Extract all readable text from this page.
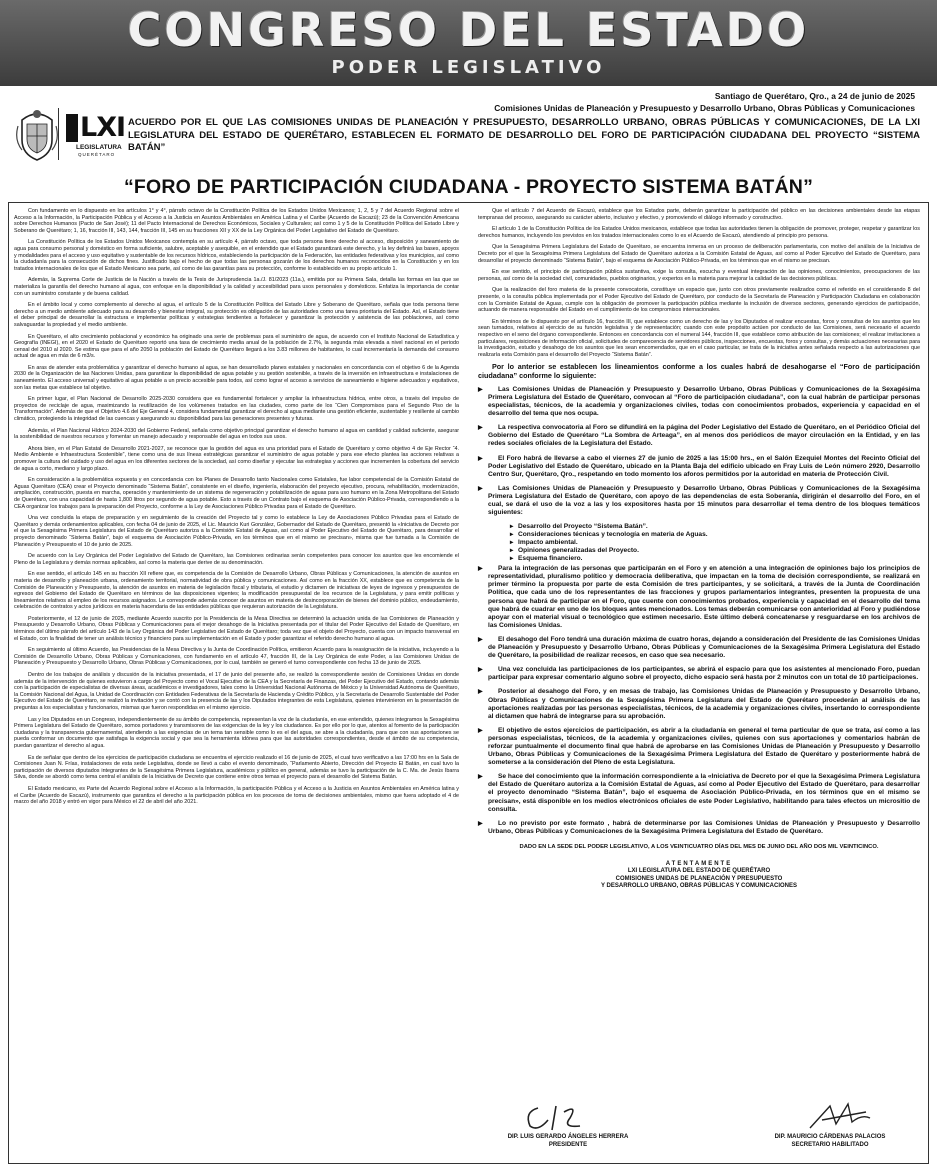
CONGRESO DEL ESTADO
PODER LEGISLATIVO
Santiago de Querétaro, Qro., a 24 de junio de 2025
Comisiones Unidas de Planeación y Presupuesto y Desarrollo Urbano, Obras Públicas y Comunicaciones
LXI
LEGISLATURA
QUERÉTARO
ACUERDO POR EL QUE LAS COMISIONES UNIDAS DE PLANEACIÓN Y PRESUPUESTO, DESARROLLO URBANO, OBRAS PÚBLICAS Y COMUNICACIONES, DE LA LXI LEGISLATURA DEL ESTADO DE QUERÉTARO, ESTABLECEN EL FORMATO DE DESARROLLO DEL FORO DE PARTICIPACIÓN CIUDADANA DEL PROYECTO “SISTEMA BATÁN”
“FORO DE PARTICIPACIÓN CIUDADANA - PROYECTO SISTEMA BATÁN”

Con fundamento en lo dispuesto en los artículos 1° y 4°, párrafo octavo de la Constitución Política de los Estados Unidos Mexicanos; 1, 2, 5 y 7 del Acuerdo Regional sobre el Acceso a la Información, la Participación Pública y el Acceso a la Justicia en Asuntos Ambientales en América Latina y el Caribe (Acuerdo de Escazú); 23 de la Convención Americana sobre Derechos Humanos (Pacto de San José); 11 del Pacto Internacional de Derechos Económicos, Sociales y Culturales; así como 1 y 5 de la Constitución Política del Estado Libre y Soberano de Querétaro; 1, 16, fracción III, 143, 144, fracción III, 145 en su fracciones XII y XX de la Ley Orgánica del Poder Legislativo del Estado de Querétaro.

La Constitución Política de los Estados Unidos Mexicanos contempla en su artículo 4, párrafo octavo, que toda persona tiene derecho al acceso, disposición y saneamiento de agua para consumo personal y doméstico en forma suficiente, salubre, aceptable y asequible, en el entendido que el Estado garantizará este derecho, y la ley definirá las bases, apoyos y modalidades para el acceso y uso equitativo y sustentable de los recursos hídricos, estableciendo la participación de la Federación, las entidades federativas y los municipios, así como la ciudadanía para la consecución de dichos fines. Justificado bajo el hecho de que todas las personas gozarán de los derechos humanos reconocidos en la Constitución y en los tratados internacionales de los que el Estado Mexicano sea parte, así como de las garantías para su protección, conforme lo establecido en su propio artículo 1.

Además, la Suprema Corte de Justicia de la Nación a través de la Tesis de Jurisprudencia 1a./J. 81/2023 (11a.), emitida por su Primera Sala, detalla las formas en las que se materializa la garantía del derecho humano al agua, con enfoque en la disponibilidad y la calidad y accesibilidad para usos personales y domésticos. Enfatiza la importancia de contar con un suministro constante y de buena calidad.

En el ámbito local y como complemento al derecho al agua, el artículo 5 de la Constitución Política del Estado Libre y Soberano de Querétaro, señala que toda persona tiene derecho a un medio ambiente adecuado para su desarrollo y bienestar integral, su protección es obligación de las autoridades como una tarea prioritaria del Estado. Así, el Estado tiene el deber principal de desarrollar la estructura e implementar políticas y estrategias tendientes a fortalecer y garantizar la protección y asistencia de las poblaciones, así como salvaguardar la propiedad y el medio ambiente.

En Querétaro, el alto crecimiento poblacional y económico ha originado una serie de problemas para el suministro de agua, de acuerdo con el Instituto Nacional de Estadística y Geografía (INEGI), en el 2020 el Estado de Querétaro reportó una tasa de crecimiento media anual de la población de 2.7%, la segunda más elevada a nivel nacional en el periodo censal del 2010 al 2020. Se estima que para el año 2050 la población del Estado de Querétaro llegará a los 3.83 millones de habitantes, lo cual incrementaría la demanda del consumo actual de agua en más de 6 m3/s.

En aras de atender esta problemática y garantizar el derecho humano al agua, se han desarrollado planes estatales y nacionales en concordancia con el objetivo 6 de la Agenda 2030 de la Organización de las Naciones Unidas, para garantizar la disponibilidad de agua potable y su gestión sostenible, a través de la inversión en infraestructura e instalaciones de saneamiento. El acceso universal y equitativo al agua potable a un precio accesible para todos, así como lograr el acceso a servicios de saneamiento e higiene adecuados y equitativos, son las metas que establece tal objetivo.

En primer lugar, el Plan Nacional de Desarrollo 2025-2030 considera que es fundamental fortalecer y ampliar la infraestructura hídrica, entre otros, a través del impulso de proyectos de reciclaje de agua, maximizando la reutilización de los volúmenes tratados en las ciudades, como parte de los “Cien Compromisos para el Segundo Piso de la Transformación”. Además de que el Objetivo 4.6 del Eje General 4, considera fundamental garantizar el derecho al agua mediante una gestión eficiente, sustentable y resiliente al cambio climático, protegiendo la integridad de las cuencas y asegurando su disponibilidad para las generaciones presentes y futuras.

Además, el Plan Nacional Hídrico 2024-2030 del Gobierno Federal, señala como objetivo principal garantizar el derecho humano al agua en cantidad y calidad suficiente, asegurar la sostenibilidad de nuestros recursos y fomentar un manejo adecuado y responsable del agua en todos sus usos.

Ahora bien, en el Plan Estatal de Desarrollo 2021-2027, se reconoce que la gestión del agua es una prioridad para el Estado de Querétaro y como objetivo 4 de Eje Rector “4. Medio Ambiente e Infraestructura Sostenible”, tiene como una de sus líneas estratégicas garantizar el suministro de agua potable y para ese efecto plantea las acciones relativas a promover la cultura del cuidado y uso del agua en los diferentes sectores de la sociedad, así como diseñar y ejecutar las estrategias y acciones que incrementen la cobertura del servicio de agua a corto, mediano y largo plazo.

En consideración a la problemática expuesta y en concordancia con los Planes de Desarrollo tanto Nacionales como Estatales, fue labor competencial de la Comisión Estatal de Aguas Querétaro (CEA) crear el Proyecto denominado “Sistema Batán”, consistente en el diseño, ingeniería, elaboración del proyecto ejecutivo, procura, rehabilitación, modernización, ampliación, construcción, puesta en marcha, operación y mantenimiento de un sistema de regeneración y potabilización de aguas para uso humano en la Zona Metropolitana del Estado de Querétaro, con una capacidad de hasta 1,800 litros por segundo de agua potable. Esto a través de un Contrato bajo el esquema de Asociación Público-Privada, correspondiendo a la CEA organizar los trabajos para la preparación del Proyecto, conforme a la Ley de Asociaciones Público Privadas para el Estado de Querétaro.

Una vez concluida la etapa de preparación y en seguimiento de la creación del Proyecto tal y como lo establece la Ley de Asociaciones Público Privadas para el Estado de Querétaro y demás ordenamientos aplicables, con fecha 04 de junio de 2025, el Lic. Mauricio Kuri González, Gobernador del Estado de Querétaro, presentó la «Iniciativa de Decreto por el que la Sexagésima Primera Legislatura del Estado de Querétaro autoriza a la Comisión Estatal de Aguas, así como al Poder Ejecutivo del Estado de Querétaro, para desarrollar el proyecto denominado “Sistema Batán”, bajo el esquema de Asociación Público-Privada, en los términos que en el mismo se precisan», misma que fue turnada a la Comisión de Planeación y Presupuesto el 10 de junio de 2025.

De acuerdo con la Ley Orgánica del Poder Legislativo del Estado de Querétaro, las Comisiones ordinarias serán competentes para conocer los asuntos que les encomiende el Pleno de la Legislatura y demás normas aplicables, así como la materia que derive de su denominación.

En ese sentido, el artículo 145 en su fracción XII refiere que, es competencia de la Comisión de Desarrollo Urbano, Obras Públicas y Comunicaciones, la atención de asuntos en materia de desarrollo y planeación urbana, ordenamiento territorial, normatividad de obra pública y comunicaciones. Así como en la fracción XX, establece que es competencia de la Comisión de Planeación y Presupuesto, la atención de asuntos en materia de legislación fiscal y tributaria, el estudio y dictamen de iniciativas de leyes de ingresos y presupuestos de egresos del Gobierno del Estado de Querétaro en términos de las disposiciones vigentes; la modificación presupuestal de los recursos de la Legislatura, y para emitir políticas y lineamientos relativos al empleo de los recursos asignados. Le corresponde además conocer de asuntos en materia de desincorporación de bienes del dominio público, endeudamiento, celebración de contratos y actos jurídicos en materia hacendaria de las entidades públicas que requieran autorización de la Legislatura.

Posteriormente, el 12 de junio de 2025, mediante Acuerdo suscrito por la Presidencia de la Mesa Directiva se determinó la actuación unida de las Comisiones de Planeación y Presupuesto y Desarrollo Urbano, Obras Públicas y Comunicaciones para el mejor desahogo de la Iniciativa presentada por el titular del Poder Ejecutivo del Estado de Querétaro, en términos del último párrafo del artículo 143 de la Ley Orgánica del Poder Legislativo del Estado de Querétaro; toda vez que el objeto del Proyecto, cuenta con un impacto transversal en el Estado, con la finalidad de tener un análisis técnico y financiero para su implementación en el Estado y poder garantizar el referido derecho humano al agua.

En seguimiento al último Acuerdo, las Presidencias de la Mesa Directiva y la Junta de Coordinación Política, emitieron Acuerdo para la reasignación de la iniciativa, incluyendo a la Comisión de Desarrollo Urbano, Obras Públicas y Comunicaciones, con fundamento en el artículo 47, fracción III, de la Ley Orgánica de este Poder, a las Comisiones Unidas de Planeación y Presupuesto y Desarrollo Urbano, Obras Públicas y Comunicaciones, por lo cual, también se generó el turno correspondiente con fecha 13 de junio de 2025.

Dentro de los trabajos de análisis y discusión de la iniciativa presentada, el 17 de junio del presente año, se realizó la correspondiente sesión de Comisiones Unidas en donde además de la intervención de quienes estuvieron a cargo del Proyecto como el Vocal Ejecutivo de la CEA y la Secretaría de Finanzas, del Poder Ejecutivo del Estado, contando además con la participación de especialistas de diversas áreas, académicos e investigadores, tales como la Universidad Nacional Autónoma de México y la Universidad Autónoma de Querétaro, la Comisión Nacional del Agua, la Unidad de Coordinación con Entidades Federativas de la Secretaría de Hacienda y Crédito Público, y la Secretaría de Desarrollo Sustentable del Poder Ejecutivo del Estado de Querétaro, se realizó la invitación y se contó con la presencia de las y los Diputados integrantes de esta Legislatura, quienes intervinieron en la presentación de preguntas a los especialistas y funcionarios, mismas que fueron respondidas en el mismo ejercicio.

Las y los Diputados en un Congreso, independientemente de su ámbito de competencia, representan la voz de la ciudadanía, en ese entendido, quienes integramos la Sexagésima Primera Legislatura del Estado de Querétaro, somos portadores y transmisores de las exigencias de la ley y los ciudadanos. Es por ello por lo que, atentos al fomento de la participación ciudadana y la transparencia gubernamental, atendiendo a las exigencias de un tema tan sensible como lo es el del agua, se abre a la ciudadanía, para que con sus aportaciones se pueda conformar un documento que satisfaga la exigencia social y que sea la herramienta idónea para que las autoridades correspondientes, desde el ámbito de su competencia, puedan garantizar el derecho al agua.

Es de señalar que dentro de los ejercicios de participación ciudadana se encuentra el ejercicio realizado el 16 de junio de 2025, el cual tuvo verificativo a las 17:00 hrs en la Sala de Comisiones Juan N. Frías, instalaciones de esta sede Legislativa, donde se llevó a cabo el evento denominado, “Parlamento Abierto, Dirección del Proyecto El Batán, en cual tuvo la participación de diversos diputados integrantes de la Sexagésima Primera Legislatura, académicos y público en general, además se tuvo la participación de la C. Ma. de Jesús Ibarra Silva, donde se abordó como tema central el análisis de la Iniciativa de Decreto que contiene entre otros temas el proyecto para el desarrollo del Sistema Batán.

El Estado mexicano, es Parte del Acuerdo Regional sobre el Acceso a la Información, la participación Pública y el Acceso a la Justicia en Asuntos Ambientales en América latina y el Caribe (Acuerdo de Escazú), instrumento que garantiza el derecho a la participación pública en los procesos de toma de decisiones ambientales, mismo que fuera adoptado el 4 de marzo del año 2018 y entró en vigor para México el 22 de abril del año 2021.

Que el artículo 7 del Acuerdo de Escazú, establece que los Estados parte, deberán garantizar la participación del público en las decisiones ambientales desde las etapas tempranas del proceso, asegurando su carácter abierto, inclusivo y efectivo, y promoviendo el diálogo informado y constructivo.

El artículo 1 de la Constitución Política de los Estados Unidos mexicanos, establece que todas las autoridades tienen la obligación de promover, proteger, respetar y garantizar los derechos humanos, incluyendo los previstos en los tratados internacionales como lo es el Acuerdo de Escazú, atendiendo al principio pro persona.

Que la Sexagésima Primera Legislatura del Estado de Querétaro, se encuentra inmersa en un proceso de deliberación parlamentaria, con motivo del análisis de la Iniciativa de Decreto por el que la Sexagésima Primera Legislatura del Estado de Querétaro autoriza a la Comisión Estatal de Aguas, así como al Poder Ejecutivo del Estado de Querétaro, para desarrollar el proyecto denominado “Sistema Batán”, bajo el esquema de Asociación Público-Privada, en los términos que en el mismo se precisan.

En ese sentido, el principio de participación pública sustantiva, exige la consulta, escucha y eventual integración de las opiniones, conocimientos, preocupaciones de las personas, así como de la sociedad civil, comunidades, pueblos originarios, y expertos en la materia para mejorar la calidad de las decisiones públicas.

Que la realización del foro materia de la presente convocatoria, constituye un espacio que, junto con otros previamente realizados como el referido en el considerando 8 del presente, o la consulta pública implementada por el Poder Ejecutivo del Estado de Querétaro, por conducto de la Secretaría de Planeación y Participación Ciudadana en colaboración con la Comisión Estatal de Aguas, cumple con la obligación de promover la participación pública mediante la inclusión de diversos sectores, generando ejercicios de participación, actuando de manera responsable del Estado en el cumplimiento de los compromisos internacionales.

En términos de lo dispuesto por el artículo 16, fracción III, que establece como un derecho de las y los Diputados el realizar encuestas, foros y consultas de los asuntos que les sean turnados, relativos al ejercicio de su función legislativa y de representación; cuando con este propósito actúen por conducto de las Comisiones, será necesario el acuerdo respectivo en el seno del órgano correspondiente. Entonces en concordancia con el numeral 144, fracción III, que establece como atribución de las comisiones; el realizar invitaciones a particulares, requisiciones de información oficial, solicitudes de comparecencia de servidores públicos, inspecciones, encuestas, foros y consultas, y demás actuaciones necesarias para la investigación, estudio y desahogo de los asuntos que les sean encomendados, que en el caso particular, se trata de la iniciativa antes señalada respecto a las autorizaciones que realizaría esta Comisión para el desarrollo del Proyecto “Sistema Batán”.

Por lo anterior se establecen los lineamientos conforme a los cuales habrá de desahogarse el “Foro de participación ciudadana” conforme lo siguiente:
▶ Las Comisiones Unidas de Planeación y Presupuesto y Desarrollo Urbano, Obras Públicas y Comunicaciones de la Sexagésima Primera Legislatura del Estado de Querétaro, convocan al “Foro de participación ciudadana”, con la cual habrán de participar personas especialistas, técnicos, de la academia y organizaciones civiles, todas con conocimientos probados, experiencia y capacidad en el desarrollo del tema que nos ocupa.
▶ La respectiva convocatoria al Foro se difundirá en la página del Poder Legislativo del Estado de Querétaro, en el Periódico Oficial del Gobierno del Estado de Querétaro “La Sombra de Arteaga”, en al menos dos periódicos de mayor circulación en la Entidad, y en las redes sociales oficiales de la Legislatura del Estado.
▶ El Foro habrá de llevarse a cabo el viernes 27 de junio de 2025 a las 15:00 hrs., en el Salón Ezequiel Montes del Recinto Oficial del Poder Legislativo del Estado de Querétaro, ubicado en la Planta Baja del edificio ubicado en Fray Luis de León número 2920, Desarrollo Centro Sur, Querétaro, Qro., respetando en todo momento los aforos permitidos por la autoridad en materia de Protección Civil.
▶ Las Comisiones Unidas de Planeación y Presupuesto y Desarrollo Urbano, Obras Públicas y Comunicaciones de la Sexagésima Primera Legislatura del Estado de Querétaro, con apoyo de las dependencias de esta Soberanía, dirigirán el desarrollo del Foro, en el cual, se dará el uso de la voz a las y los expositores hasta por 15 minutos para desarrollar el tema dentro de los bloques temáticos siguientes:
▸ Desarrollo del Proyecto “Sistema Batán”.
▸ Consideraciones técnicas y tecnología en materia de Aguas.
▸ Impacto ambiental.
▸ Opiniones generalizadas del Proyecto.
▸ Esquema financiero.
▶ Para la integración de las personas que participarán en el Foro y en atención a una integración de opiniones bajo los principios de representatividad, pluralismo político y democracia deliberativa, que impactan en la toma de decisión correspondiente, se realizará en primer término la propuesta por parte de esta Comisión de tres participantes, y se solicitará, a través de la Junta de Coordinación Política, que cada uno de los representantes de las fracciones y grupos parlamentarios integrantes, presenten la propuesta de una persona que habrá de participar en el Foro, que cuente con conocimientos probados, experiencia y capacidad en el desarrollo del tema que habrá de cuadrar en uno de los bloques antes mencionados. Los temas deberán comunicarse con anterioridad al Foro y pudiéndose apoyar con el material visual o tecnológico que estimen necesario. Este último deberá concatenarse y resguardarse en los archivos de las Comisiones Unidas.
▶ El desahogo del Foro tendrá una duración máxima de cuatro horas, dejando a consideración del Presidente de las Comisiones Unidas de Planeación y Presupuesto y Desarrollo Urbano, Obras Públicas y Comunicaciones de la Sexagésima Primera Legislatura del Estado de Querétaro, la posibilidad de realizar recesos, en caso que sea necesario.
▶ Una vez concluida las participaciones de los participantes, se abrirá el espacio para que los asistentes al mencionado Foro, puedan participar para expresar comentario alguno sobre el proyecto, dicho espacio será hasta por 2 minutos con un total de 10 participaciones.
▶ Posterior al desahogo del Foro, y en mesas de trabajo, las Comisiones Unidas de Planeación y Presupuesto y Desarrollo Urbano, Obras Públicas y Comunicaciones de la Sexagésima Primera Legislatura del Estado de Querétaro procederán al análisis de las aportaciones realizadas por las personas especialistas, técnicos, de la academia y organizaciones civiles, insertando lo correspondiente al dictamen que habrá de integrarse para su aprobación.
▶ El objetivo de estos ejercicios de participación, es abrir a la ciudadanía en general el tema particular de que se trata, así como a las personas especialistas, técnicos, de la academia y organizaciones civiles, quienes con sus aportaciones y comentarios habrán de reforzar puntualmente el documento final que habrá de aprobarse en las Comisiones Unidas de Planeación y Presupuesto y Desarrollo Urbano, Obras Públicas y Comunicaciones de la Sexagésima Primera Legislatura del Estado de Querétaro y posteriormente habrá de someterse a la consideración del Pleno de esta Legislatura.
▶ Se hace del conocimiento que la información correspondiente a la «Iniciativa de Decreto por el que la Sexagésima Primera Legislatura del Estado de Querétaro autoriza a la Comisión Estatal de Aguas, así como al Poder Ejecutivo del Estado de Querétaro, para desarrollar el proyecto denominado “Sistema Batán”, bajo el esquema de Asociación Público-Privada, en los términos que en el mismo se precisan», está disponible en los medios electrónicos oficiales de este Poder Legislativo, habilitando para tales efectos un micrositio de consulta.
▶ Lo no previsto por este formato , habrá de determinarse por las Comisiones Unidas de Planeación y Presupuesto y Desarrollo Urbano, Obras Públicas y Comunicaciones de la Sexagésima Primera Legislatura del Estado de Querétaro.
DADO EN LA SEDE DEL PODER LEGISLATIVO, A LOS VEINTICUATRO DÍAS DEL MES DE JUNIO DEL AÑO DOS MIL VEINTICINCO.
ATENTAMENTE
LXI LEGISLATURA DEL ESTADO DE QUERÉTARO
COMISIONES UNIDAS DE PLANEACIÓN Y PRESUPUESTO
Y DESARROLLO URBANO, OBRAS PÚBLICAS Y COMUNICACIONES
DIP. LUIS GERARDO ÁNGELES HERRERA
PRESIDENTE
DIP. MAURICIO CÁRDENAS PALACIOS
SECRETARIO HABILITADO
